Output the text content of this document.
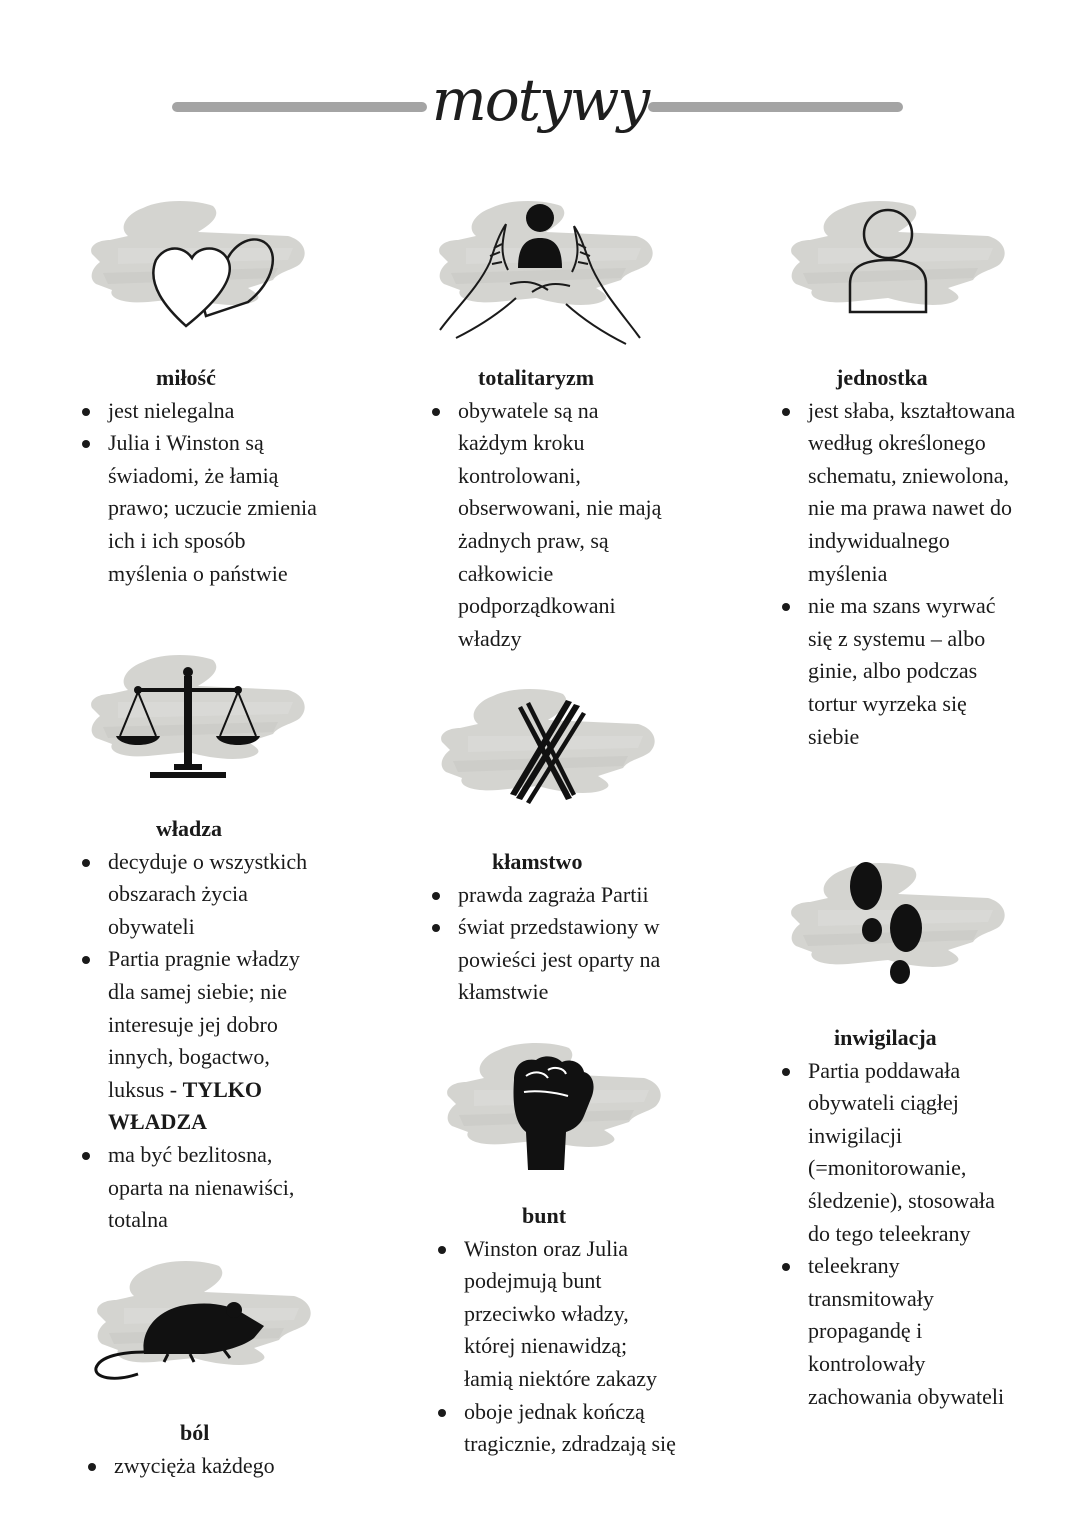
motywy
miłość
jest nielegalna
Julia i Winston są świadomi, że łamią prawo; uczucie zmienia ich i ich sposób myślenia o państwie
totalitaryzm
obywatele są na każdym kroku kontrolowani, obserwowani, nie mają żadnych praw, są całkowicie podporządkowani władzy
jednostka
jest słaba, kształtowana według określonego schematu, zniewolona, nie ma prawa nawet do indywidualnego myślenia
nie ma szans wyrwać się z systemu – albo ginie, albo podczas tortur wyrzeka się siebie
władza
decyduje o wszystkich obszarach życia obywateli
Partia pragnie władzy dla samej siebie; nie interesuje jej dobro innych, bogactwo, luksus - TYLKO WŁADZA
ma być bezlitosna, oparta na nienawiści, totalna
kłamstwo
prawda zagraża Partii
świat przedstawiony w powieści jest oparty na kłamstwie
inwigilacja
Partia poddawała obywateli ciągłej inwigilacji (=monitorowanie, śledzenie), stosowała do tego teleekrany
teleekrany transmitowały propagandę i kontrolowały zachowania obywateli
bunt
Winston oraz Julia podejmują bunt przeciwko władzy, której nienawidzą; łamią niektóre zakazy
oboje jednak kończą tragicznie, zdradzają się
ból
zwycięża każdego
